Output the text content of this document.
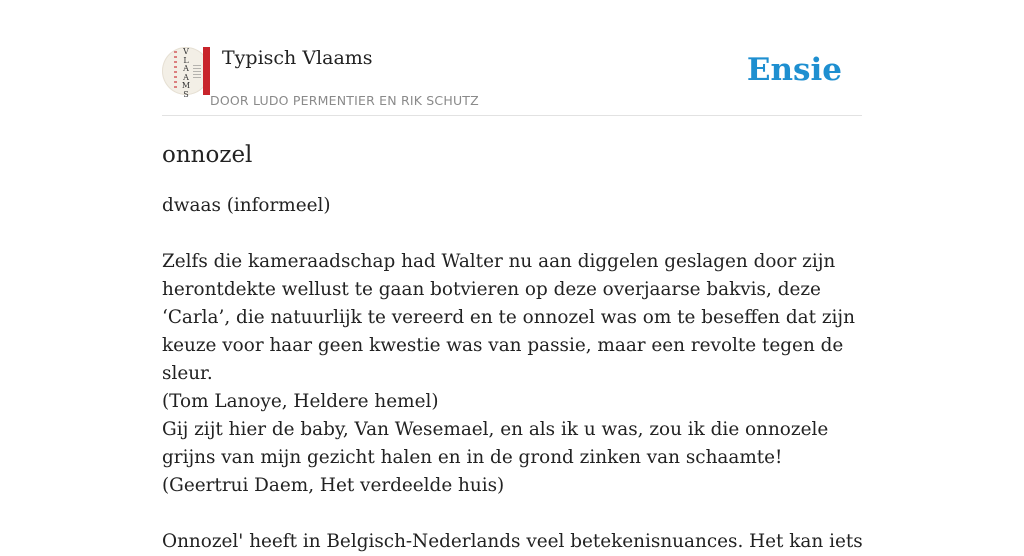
V
L
A
A
M
S
Typisch Vlaams
DOOR LUDO PERMENTIER EN RIK SCHUTZ
Ensie
onnozel

dwaas (informeel)

Zelfs die kameraadschap had Walter nu aan diggelen geslagen door zijn herontdekte wellust te gaan botvieren op deze overjaarse bakvis, deze ‘Carla’, die natuurlijk te vereerd en te onnozel was om te beseffen dat zijn keuze voor haar geen kwestie was van passie, maar een revolte tegen de sleur.

(Tom Lanoye, Heldere hemel)

Gij zijt hier de baby, Van Wesemael, en als ik u was, zou ik die onnozele grijns van mijn gezicht halen en in de grond zinken van schaamte!

(Geertrui Daem, Het verdeelde huis)

Onnozel' heeft in Belgisch-Nederlands veel betekenisnuances. Het kan iets
